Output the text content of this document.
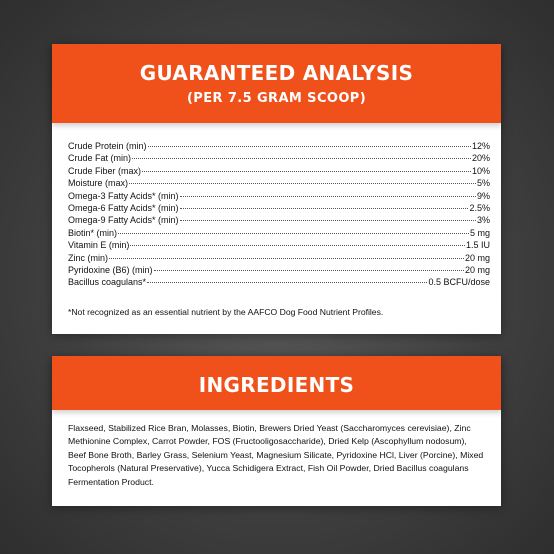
GUARANTEED ANALYSIS
(PER 7.5 GRAM SCOOP)
Crude Protein (min)	12%
Crude Fat (min)	20%
Crude Fiber (max)	10%
Moisture (max)	5%
Omega-3 Fatty Acids* (min)	9%
Omega-6 Fatty Acids* (min)	2.5%
Omega-9 Fatty Acids* (min)	3%
Biotin* (min)	5 mg
Vitamin E (min)	1.5 IU
Zinc (min)	20 mg
Pyridoxine (B6) (min)	20 mg
Bacillus coagulans*	0.5 BCFU/dose

*Not recognized as an essential nutrient by the AAFCO Dog Food Nutrient Profiles.

INGREDIENTS

Flaxseed, Stabilized Rice Bran, Molasses, Biotin, Brewers Dried Yeast (Saccharomyces cerevisiae), Zinc Methionine Complex, Carrot Powder, FOS (Fructooligosaccharide), Dried Kelp (Ascophyllum nodosum), Beef Bone Broth, Barley Grass, Selenium Yeast, Magnesium Silicate, Pyridoxine HCl, Liver (Porcine), Mixed Tocopherols (Natural Preservative), Yucca Schidigera Extract, Fish Oil Powder, Dried Bacillus coagulans Fermentation Product.
